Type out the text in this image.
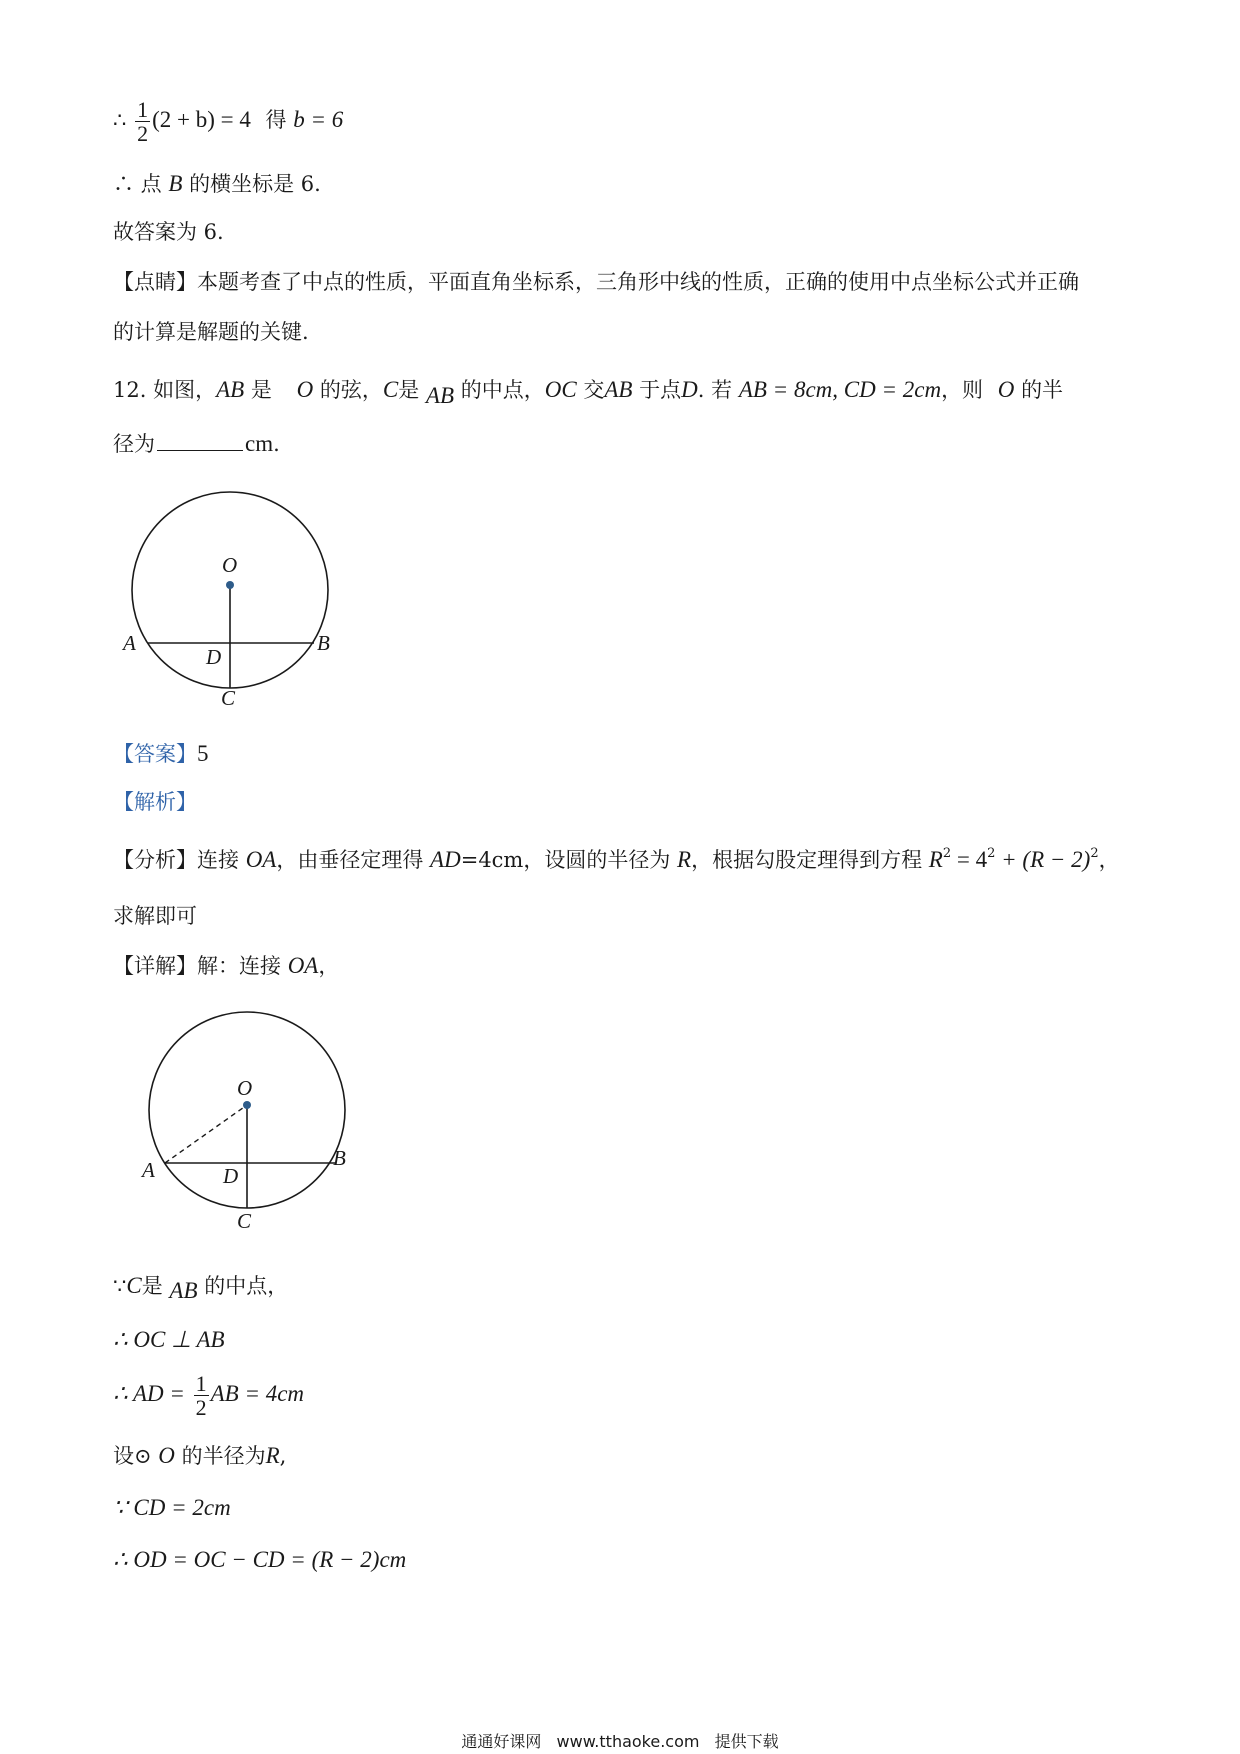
∴ $\frac{1}{2} (2 + b) = 4$ 得 b = 6
∴ 点 B 的横坐标是 6.
故答案为 6.
【点睛】本题考查了中点的性质，平面直角坐标系，三角形中线的性质，正确的使用中点坐标公式并正确
的计算是解题的关键.
12. 如图，AB 是 O 的弦，C是 AB 的中点，OC 交AB 于点D. 若 AB = 8cm, CD = 2cm，则 O 的半
径为	cm.
O
A	B
D
C
【答案】5
【解析】
【分析】连接 OA，由垂径定理得 AD=4cm，设圆的半径为 R，根据勾股定理得到方程 $R^2 = 4^2 + (R - 2)^2$，
求解即可
【详解】解：连接 OA，
O
A	B
D
C
∵C是 AB 的中点，
∴ OC ⊥ AB
∴ AD = $\frac{1}{2}$ AB = 4cm
设⊙ O 的半径为R,
∵ CD = 2cm
∴ OD = OC − CD = (R − 2)cm
通通好课网 www.tthaoke.com 提供下载
